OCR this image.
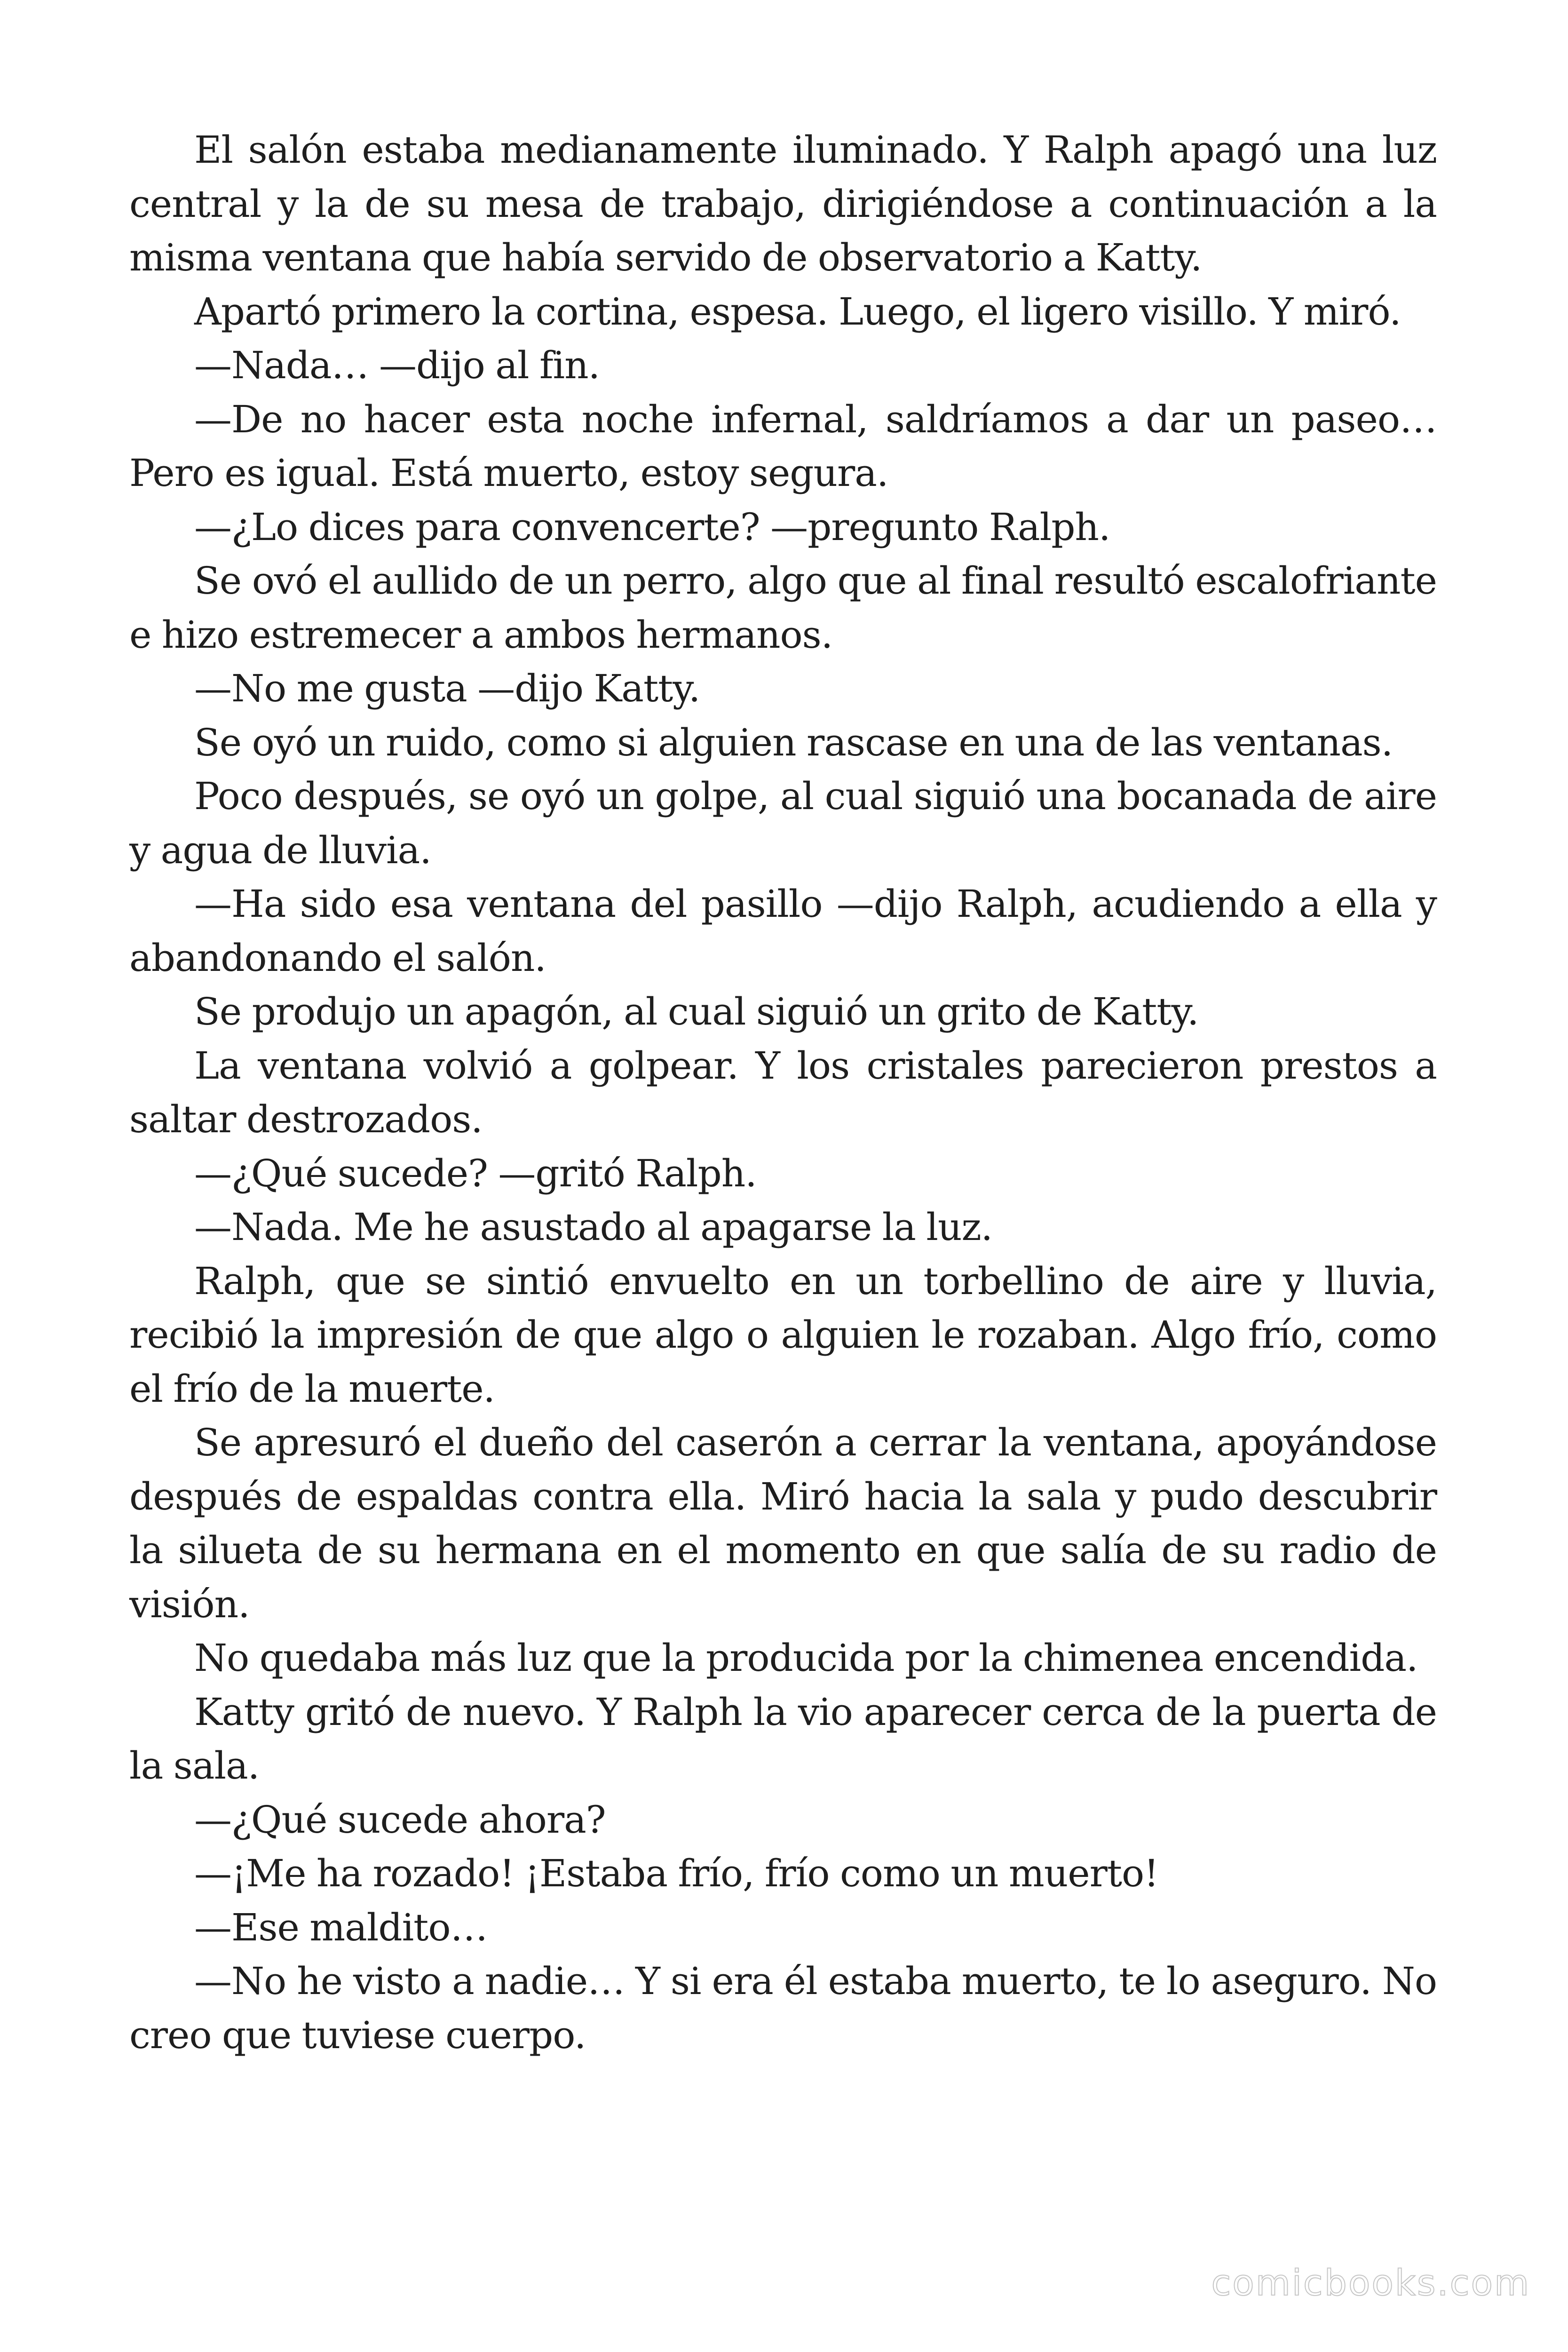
El salón estaba medianamente iluminado. Y Ralph apagó una luz central y la de su mesa de trabajo, dirigiéndose a continuación a la misma ventana que había servido de observatorio a Katty.

Apartó primero la cortina, espesa. Luego, el ligero visillo. Y miró.

—Nada… —dijo al fin.

—De no hacer esta noche infernal, saldríamos a dar un paseo… Pero es igual. Está muerto, estoy segura.

—¿Lo dices para convencerte? —pregunto Ralph.

Se ovó el aullido de un perro, algo que al final resultó escalofriante e hizo estremecer a ambos hermanos.

—No me gusta —dijo Katty.

Se oyó un ruido, como si alguien rascase en una de las ventanas.

Poco después, se oyó un golpe, al cual siguió una bocanada de aire y agua de lluvia.

—Ha sido esa ventana del pasillo —dijo Ralph, acudiendo a ella y abandonando el salón.

Se produjo un apagón, al cual siguió un grito de Katty.

La ventana volvió a golpear. Y los cristales parecieron prestos a saltar destrozados.

—¿Qué sucede? —gritó Ralph.

—Nada. Me he asustado al apagarse la luz.

Ralph, que se sintió envuelto en un torbellino de aire y lluvia, recibió la impresión de que algo o alguien le rozaban. Algo frío, como el frío de la muerte.

Se apresuró el dueño del caserón a cerrar la ventana, apoyándose después de espaldas contra ella. Miró hacia la sala y pudo descubrir la silueta de su hermana en el momento en que salía de su radio de visión.

No quedaba más luz que la producida por la chimenea encendida.

Katty gritó de nuevo. Y Ralph la vio aparecer cerca de la puerta de la sala.

—¿Qué sucede ahora?

—¡Me ha rozado! ¡Estaba frío, frío como un muerto!

—Ese maldito…

—No he visto a nadie… Y si era él estaba muerto, te lo aseguro. No creo que tuviese cuerpo.

comicbooks.com
